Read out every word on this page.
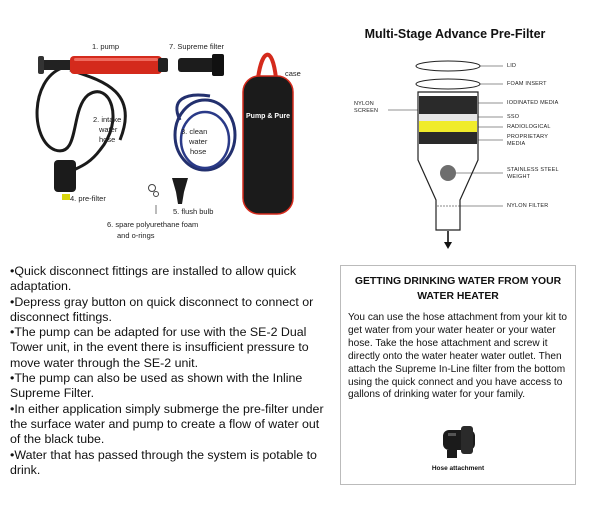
Pump & Pure
1. pump	7. Supreme filter
case
2. intake
water
hose
3. clean
water
hose
4. pre-filter
5. flush bulb
6. spare polyurethane foam
and o-rings
Multi-Stage Advance Pre-Filter
LID
FOAM INSERT
NYLON
SCREEN
IODINATED MEDIA
SSO
RADIOLOGICAL
PROPRIETARY
MEDIA
STAINLESS STEEL
WEIGHT
NYLON FILTER
•Quick disconnect fittings are installed to allow quick adaptation.
•Depress gray button on quick disconnect to connect or disconnect fittings.
•The pump can be adapted for use with the SE-2 Dual Tower unit, in the event there is insufficient pressure to move water through the SE-2 unit.
•The pump can also be used as shown with the Inline Supreme Filter.
•In either application simply submerge the pre-filter under the surface water and pump to create a flow of water out of the black tube.
•Water that has passed through the system is potable to drink.
GETTING DRINKING WATER FROM YOUR WATER HEATER
You can use the hose attachment from your kit to get water from your water heater or your water hose. Take the hose attachment and screw it directly onto the water heater water outlet. Then attach the Supreme In-Line filter from the bottom using the quick connect and you have access to gallons of drinking water for your family.
Hose attachment
